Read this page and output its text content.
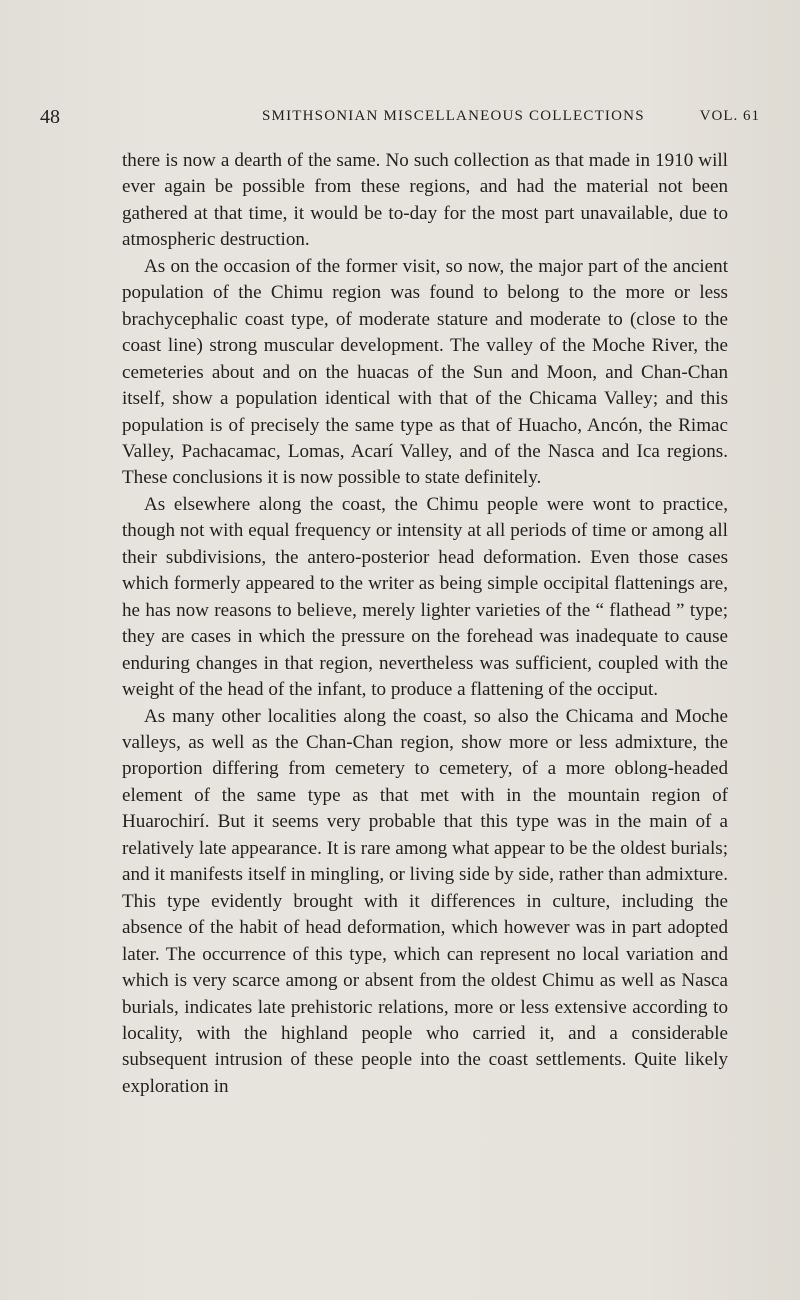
48	SMITHSONIAN MISCELLANEOUS COLLECTIONS	VOL. 61

there is now a dearth of the same. No such collection as that made in 1910 will ever again be possible from these regions, and had the material not been gathered at that time, it would be to-day for the most part unavailable, due to atmospheric destruction.

As on the occasion of the former visit, so now, the major part of the ancient population of the Chimu region was found to belong to the more or less brachycephalic coast type, of moderate stature and moderate to (close to the coast line) strong muscular development. The valley of the Moche River, the cemeteries about and on the huacas of the Sun and Moon, and Chan-Chan itself, show a population identical with that of the Chicama Valley; and this population is of precisely the same type as that of Huacho, Ancón, the Rimac Valley, Pachacamac, Lomas, Acarí Valley, and of the Nasca and Ica regions. These conclusions it is now possible to state definitely.

As elsewhere along the coast, the Chimu people were wont to practice, though not with equal frequency or intensity at all periods of time or among all their subdivisions, the antero-posterior head deformation. Even those cases which formerly appeared to the writer as being simple occipital flattenings are, he has now reasons to believe, merely lighter varieties of the “ flathead ” type; they are cases in which the pressure on the forehead was inadequate to cause enduring changes in that region, nevertheless was sufficient, coupled with the weight of the head of the infant, to produce a flattening of the occiput.

As many other localities along the coast, so also the Chicama and Moche valleys, as well as the Chan-Chan region, show more or less admixture, the proportion differing from cemetery to cemetery, of a more oblong-headed element of the same type as that met with in the mountain region of Huarochirí. But it seems very probable that this type was in the main of a relatively late appearance. It is rare among what appear to be the oldest burials; and it manifests itself in mingling, or living side by side, rather than admixture. This type evidently brought with it differences in culture, including the absence of the habit of head deformation, which however was in part adopted later. The occurrence of this type, which can represent no local variation and which is very scarce among or absent from the oldest Chimu as well as Nasca burials, indicates late prehistoric relations, more or less extensive according to locality, with the highland people who carried it, and a considerable subsequent intrusion of these people into the coast settlements. Quite likely exploration in
